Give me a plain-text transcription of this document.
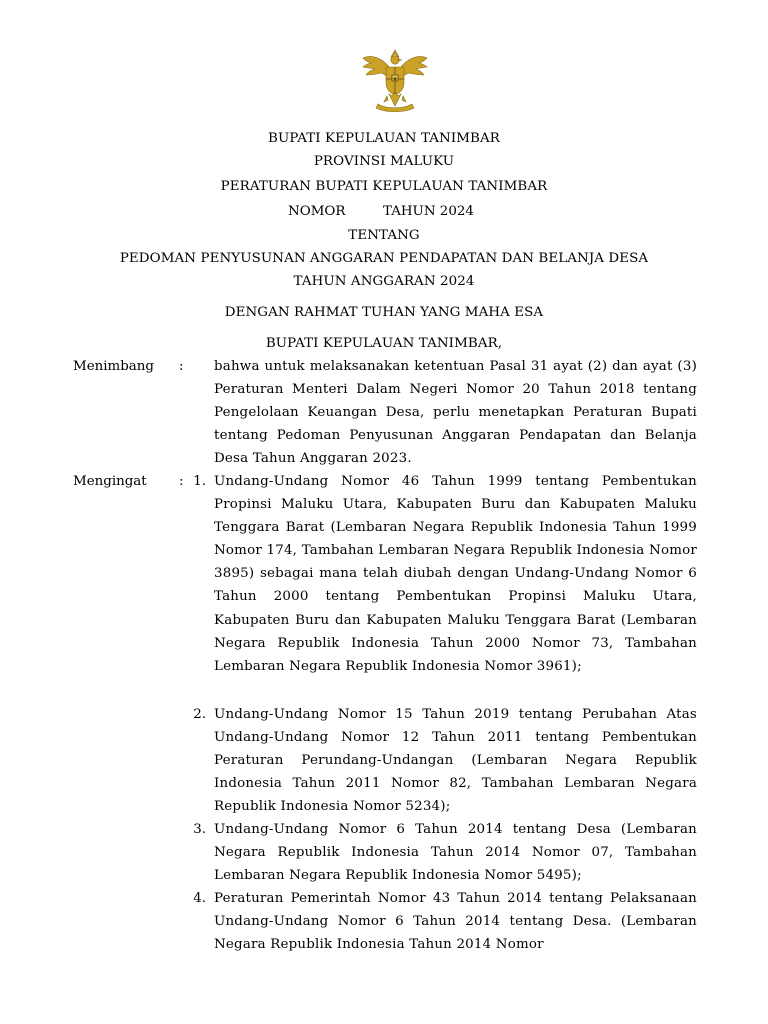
BUPATI KEPULAUAN TANIMBAR
PROVINSI MALUKU
PERATURAN BUPATI KEPULAUAN TANIMBAR
NOMOR	TAHUN 2024
TENTANG
PEDOMAN PENYUSUNAN ANGGARAN PENDAPATAN DAN BELANJA DESA
TAHUN ANGGARAN 2024
DENGAN RAHMAT TUHAN YANG MAHA ESA
BUPATI KEPULAUAN TANIMBAR,
Menimbang : bahwa untuk melaksanakan ketentuan Pasal 31 ayat (2) dan ayat (3) Peraturan Menteri Dalam Negeri Nomor 20 Tahun 2018 tentang Pengelolaan Keuangan Desa, perlu menetapkan Peraturan Bupati tentang Pedoman Penyusunan Anggaran Pendapatan dan Belanja Desa Tahun Anggaran 2023.
Mengingat : 1. Undang-Undang Nomor 46 Tahun 1999 tentang Pembentukan Propinsi Maluku Utara, Kabupaten Buru dan Kabupaten Maluku Tenggara Barat (Lembaran Negara Republik Indonesia Tahun 1999 Nomor 174, Tambahan Lembaran Negara Republik Indonesia Nomor 3895) sebagai mana telah diubah dengan Undang-Undang Nomor 6 Tahun 2000 tentang Pembentukan Propinsi Maluku Utara, Kabupaten Buru dan Kabupaten Maluku Tenggara Barat (Lembaran Negara Republik Indonesia Tahun 2000 Nomor 73, Tambahan Lembaran Negara Republik Indonesia Nomor 3961);
2. Undang-Undang Nomor 15 Tahun 2019 tentang Perubahan Atas Undang-Undang Nomor 12 Tahun 2011 tentang Pembentukan Peraturan Perundang-Undangan (Lembaran Negara Republik Indonesia Tahun 2011 Nomor 82, Tambahan Lembaran Negara Republik Indonesia Nomor 5234);
3. Undang-Undang Nomor 6 Tahun 2014 tentang Desa (Lembaran Negara Republik Indonesia Tahun 2014 Nomor 07, Tambahan Lembaran Negara Republik Indonesia Nomor 5495);
4. Peraturan Pemerintah Nomor 43 Tahun 2014 tentang Pelaksanaan Undang-Undang Nomor 6 Tahun 2014 tentang Desa. (Lembaran Negara Republik Indonesia Tahun 2014 Nomor
